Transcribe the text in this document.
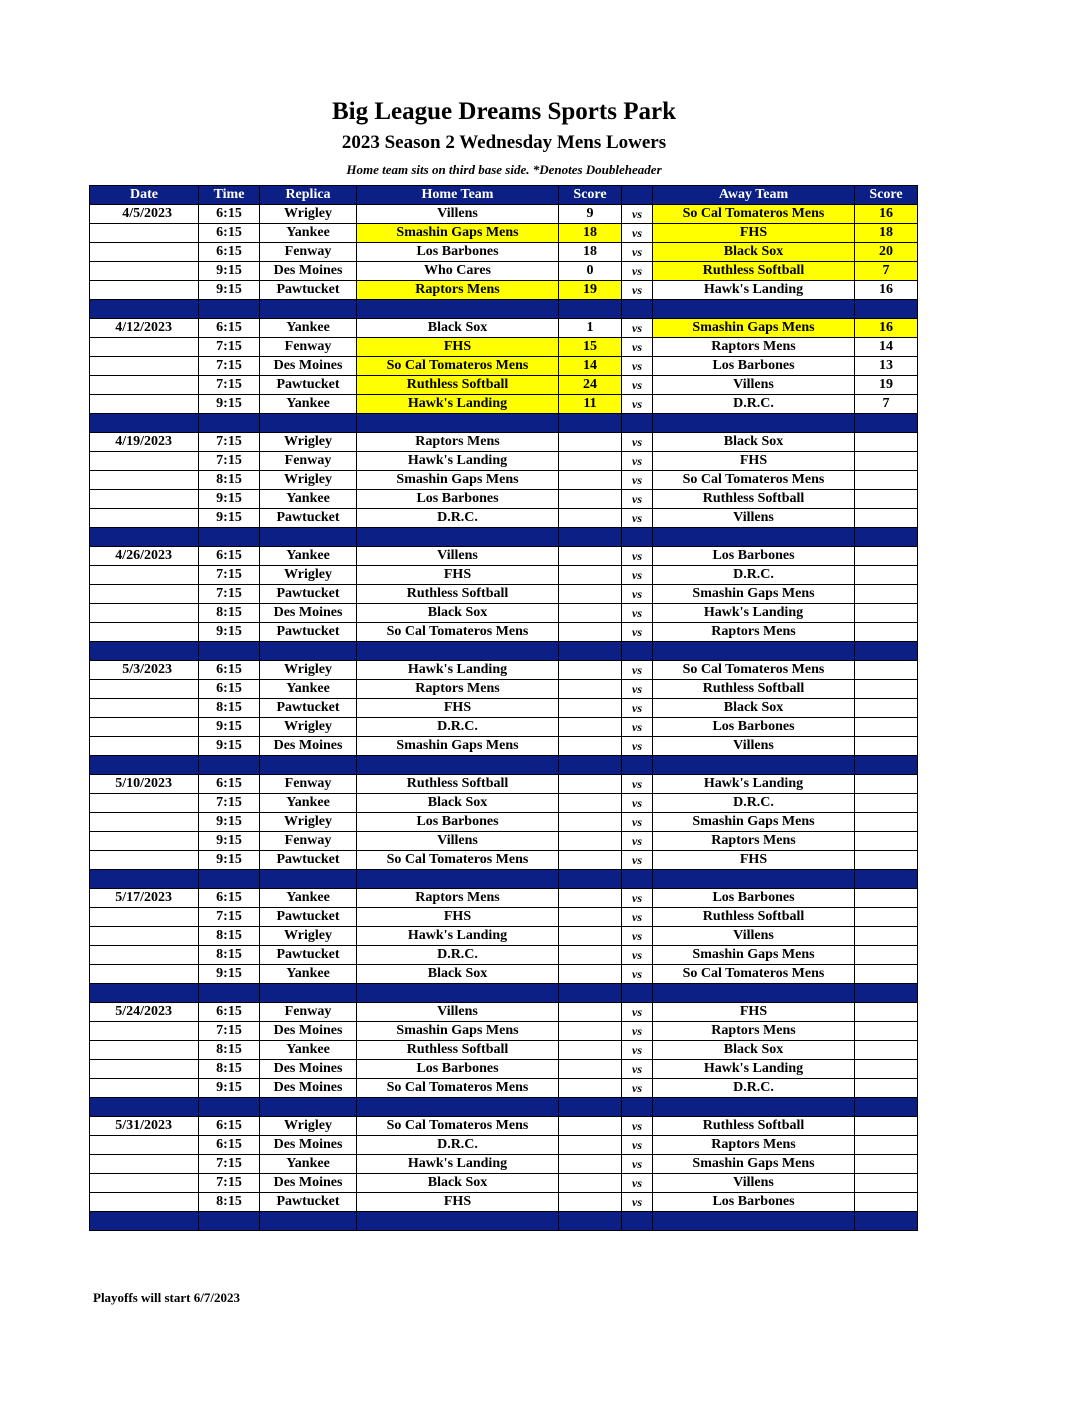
Big League Dreams Sports Park
2023 Season 2 Wednesday Mens Lowers
Home team sits on third base side. *Denotes Doubleheader
Date	Time	Replica	Home Team	Score		Away Team	Score
4/5/2023	6:15	Wrigley	Villens	9	vs	So Cal Tomateros Mens	16
	6:15	Yankee	Smashin Gaps Mens	18	vs	FHS	18
	6:15	Fenway	Los Barbones	18	vs	Black Sox	20
	9:15	Des Moines	Who Cares	0	vs	Ruthless Softball	7
	9:15	Pawtucket	Raptors Mens	19	vs	Hawk's Landing	16

4/12/2023	6:15	Yankee	Black Sox	1	vs	Smashin Gaps Mens	16
	7:15	Fenway	FHS	15	vs	Raptors Mens	14
	7:15	Des Moines	So Cal Tomateros Mens	14	vs	Los Barbones	13
	7:15	Pawtucket	Ruthless Softball	24	vs	Villens	19
	9:15	Yankee	Hawk's Landing	11	vs	D.R.C.	7

4/19/2023	7:15	Wrigley	Raptors Mens		vs	Black Sox	
	7:15	Fenway	Hawk's Landing		vs	FHS	
	8:15	Wrigley	Smashin Gaps Mens		vs	So Cal Tomateros Mens	
	9:15	Yankee	Los Barbones		vs	Ruthless Softball	
	9:15	Pawtucket	D.R.C.		vs	Villens	

4/26/2023	6:15	Yankee	Villens		vs	Los Barbones	
	7:15	Wrigley	FHS		vs	D.R.C.	
	7:15	Pawtucket	Ruthless Softball		vs	Smashin Gaps Mens	
	8:15	Des Moines	Black Sox		vs	Hawk's Landing	
	9:15	Pawtucket	So Cal Tomateros Mens		vs	Raptors Mens	

5/3/2023	6:15	Wrigley	Hawk's Landing		vs	So Cal Tomateros Mens	
	6:15	Yankee	Raptors Mens		vs	Ruthless Softball	
	8:15	Pawtucket	FHS		vs	Black Sox	
	9:15	Wrigley	D.R.C.		vs	Los Barbones	
	9:15	Des Moines	Smashin Gaps Mens		vs	Villens	

5/10/2023	6:15	Fenway	Ruthless Softball		vs	Hawk's Landing	
	7:15	Yankee	Black Sox		vs	D.R.C.	
	9:15	Wrigley	Los Barbones		vs	Smashin Gaps Mens	
	9:15	Fenway	Villens		vs	Raptors Mens	
	9:15	Pawtucket	So Cal Tomateros Mens		vs	FHS	

5/17/2023	6:15	Yankee	Raptors Mens		vs	Los Barbones	
	7:15	Pawtucket	FHS		vs	Ruthless Softball	
	8:15	Wrigley	Hawk's Landing		vs	Villens	
	8:15	Pawtucket	D.R.C.		vs	Smashin Gaps Mens	
	9:15	Yankee	Black Sox		vs	So Cal Tomateros Mens	

5/24/2023	6:15	Fenway	Villens		vs	FHS	
	7:15	Des Moines	Smashin Gaps Mens		vs	Raptors Mens	
	8:15	Yankee	Ruthless Softball		vs	Black Sox	
	8:15	Des Moines	Los Barbones		vs	Hawk's Landing	
	9:15	Des Moines	So Cal Tomateros Mens		vs	D.R.C.	

5/31/2023	6:15	Wrigley	So Cal Tomateros Mens		vs	Ruthless Softball	
	6:15	Des Moines	D.R.C.		vs	Raptors Mens	
	7:15	Yankee	Hawk's Landing		vs	Smashin Gaps Mens	
	7:15	Des Moines	Black Sox		vs	Villens	
	8:15	Pawtucket	FHS		vs	Los Barbones	

Playoffs will start 6/7/2023
